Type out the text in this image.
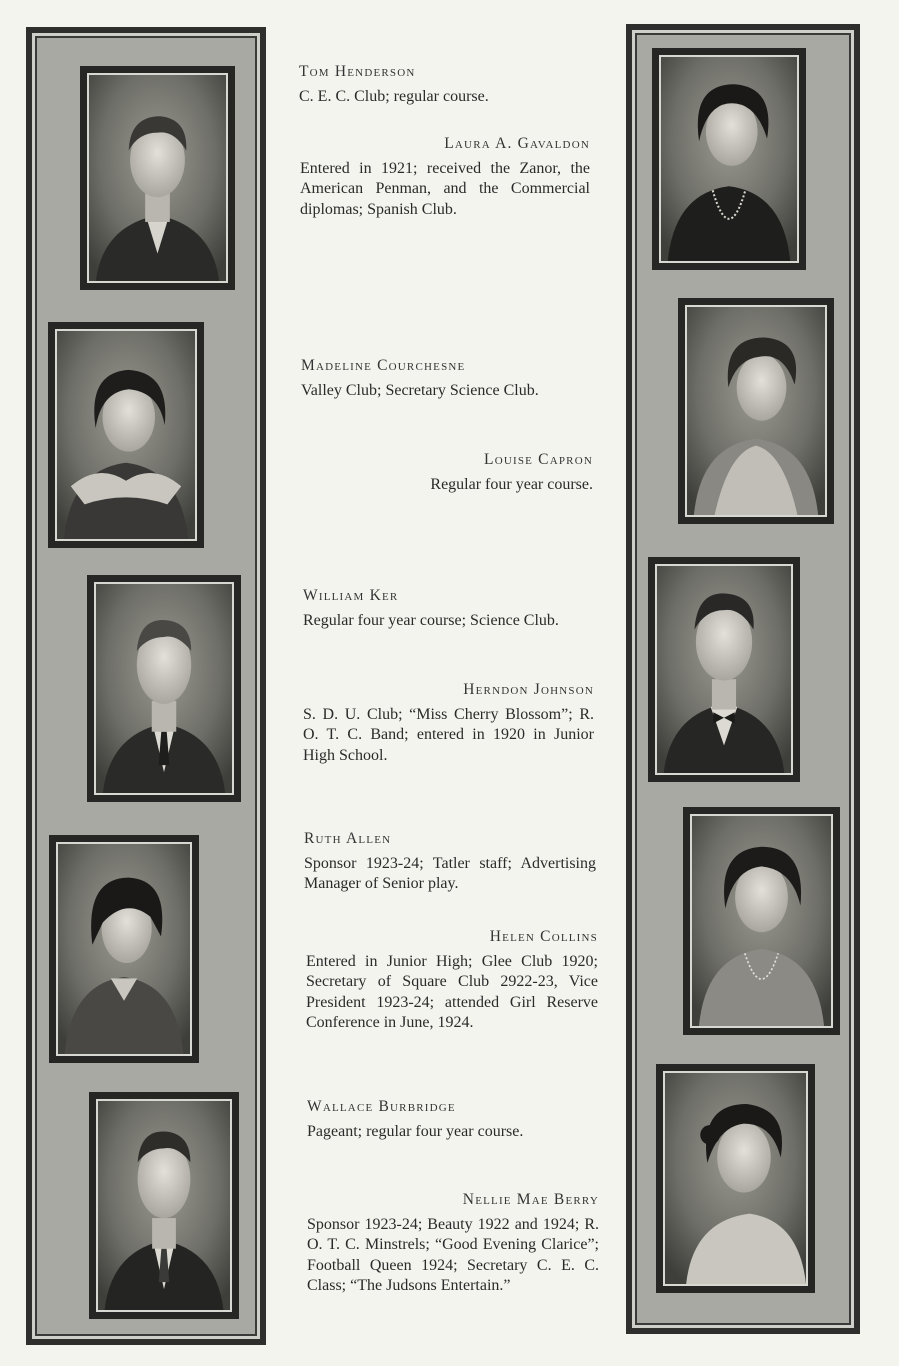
Tom Henderson
C. E. C. Club; regular course.
Laura A. Gavaldon
Entered in 1921; received the Zanor, the American Penman, and the Commercial diplomas; Spanish Club.
Madeline Courchesne
Valley Club; Secretary Science Club.
Louise Capron
Regular four year course.
William Ker
Regular four year course; Science Club.
Herndon Johnson
S. D. U. Club; “Miss Cherry Blossom”; R. O. T. C. Band; entered in 1920 in Junior High School.
Ruth Allen
Sponsor 1923-24; Tatler staff; Advertising Manager of Senior play.
Helen Collins
Entered in Junior High; Glee Club 1920; Secretary of Square Club 2922-23, Vice President 1923-24; attended Girl Reserve Conference in June, 1924.
Wallace Burbridge
Pageant; regular four year course.
Nellie Mae Berry
Sponsor 1923-24; Beauty 1922 and 1924; R. O. T. C. Minstrels; “Good Evening Clarice”; Football Queen 1924; Secretary C. E. C. Class; “The Judsons Entertain.”
